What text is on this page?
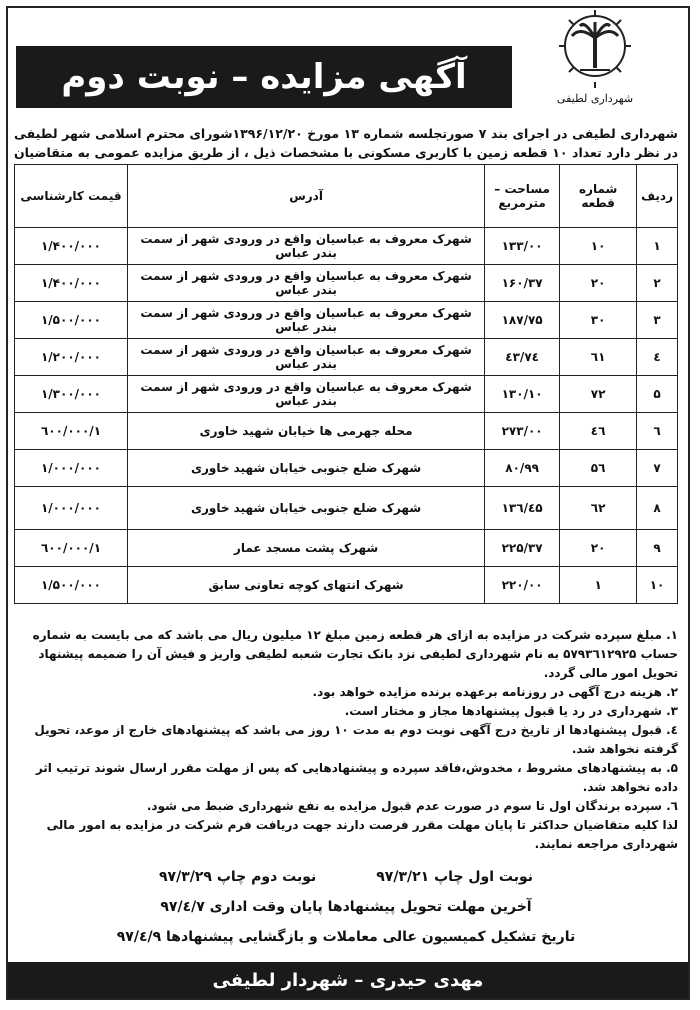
آگهی مزایده – نوبت دوم
شهرداری لطیفی
شهرداری لطیفی در اجرای بند ۷ صورتجلسه شماره ۱۳ مورخ ۱۳۹۶/۱۲/۲۰شورای محترم اسلامی شهر لطیفی در نظر دارد تعداد ۱۰ قطعه زمین با کاربری مسکونی با مشخصات ذیل ، از طریق مزایده عمومی به متقاضیان
ردیف	شماره قطعه	مساحت – مترمربع	آدرس	قیمت کارشناسی
۱	۱۰	۱۳۳/۰۰	شهرک معروف به عباسیان واقع در ورودی شهر از سمت بندر عباس	۱/۴۰۰/۰۰۰
۲	۲۰	۱۶۰/۳۷	شهرک معروف به عباسیان واقع در ورودی شهر از سمت بندر عباس	۱/۴۰۰/۰۰۰
۳	۳۰	۱۸۷/۷۵	شهرک معروف به عباسیان واقع در ورودی شهر از سمت بندر عباس	۱/۵۰۰/۰۰۰
٤	٦١	٤٣/٧٤	شهرک معروف به عباسیان واقع در ورودی شهر از سمت بندر عباس	۱/۲۰۰/۰۰۰
۵	۷۲	۱۳۰/۱۰	شهرک معروف به عباسیان واقع در ورودی شهر از سمت بندر عباس	۱/۳۰۰/۰۰۰
٦	٤٦	۲۷۳/۰۰	محله جهرمی ها خیابان شهید خاوری	۱/٦۰۰/۰۰۰
۷	۵٦	۸۰/۹۹	شهرک ضلع جنوبی خیابان شهید خاوری	۱/۰۰۰/۰۰۰
۸	٦۲	۱۳٦/٤۵	شهرک ضلع جنوبی خیابان شهید خاوری	۱/۰۰۰/۰۰۰
۹	۲۰	۲۲۵/۳۷	شهرک پشت مسجد عمار	۱/٦۰۰/۰۰۰
۱۰	۱	۲۲۰/۰۰	شهرک انتهای کوچه تعاونی سابق	۱/۵۰۰/۰۰۰

۱. مبلغ سپرده شرکت در مزایده به ازای هر قطعه زمین مبلغ ۱۲ میلیون ریال می باشد که می بایست به شماره حساب ۵۷۹۳٦۱۲۹۲۵ به نام شهرداری لطیفی نزد بانک تجارت شعبه لطیفی واریز و فیش آن را ضمیمه پیشنهاد تحویل امور مالی گردد.

۲. هزینه درج آگهی در روزنامه برعهده برنده مزایده خواهد بود.

۳. شهرداری در رد یا قبول پیشنهادها مجاز و مختار است.

٤. قبول پیشنهادها از تاریخ درج آگهی نوبت دوم به مدت ۱۰ روز می باشد که پیشنهادهای خارج از موعد، تحویل گرفته نخواهد شد.

۵. به پیشنهادهای مشروط ، مخدوش،فاقد سپرده و پیشنهادهایی که پس از مهلت مقرر ارسال شوند ترتیب اثر داده نخواهد شد.

٦. سپرده برندگان اول تا سوم در صورت عدم قبول مزایده به نفع شهرداری ضبط می شود.

لذا کلیه متقاضیان حداکثر تا پایان مهلت مقرر فرصت دارند جهت دریافت فرم شرکت در مزایده به امور مالی شهرداری مراجعه نمایند.

نوبت اول چاپ ۹۷/۳/۲۱
نوبت دوم چاپ ۹۷/۳/۲۹
آخرین مهلت تحویل پیشنهادها پایان وقت اداری ۹۷/٤/۷
تاریخ تشکیل کمیسیون عالی معاملات و بازگشایی پیشنهادها ۹۷/٤/۹
مهدی حیدری – شهردار لطیفی
